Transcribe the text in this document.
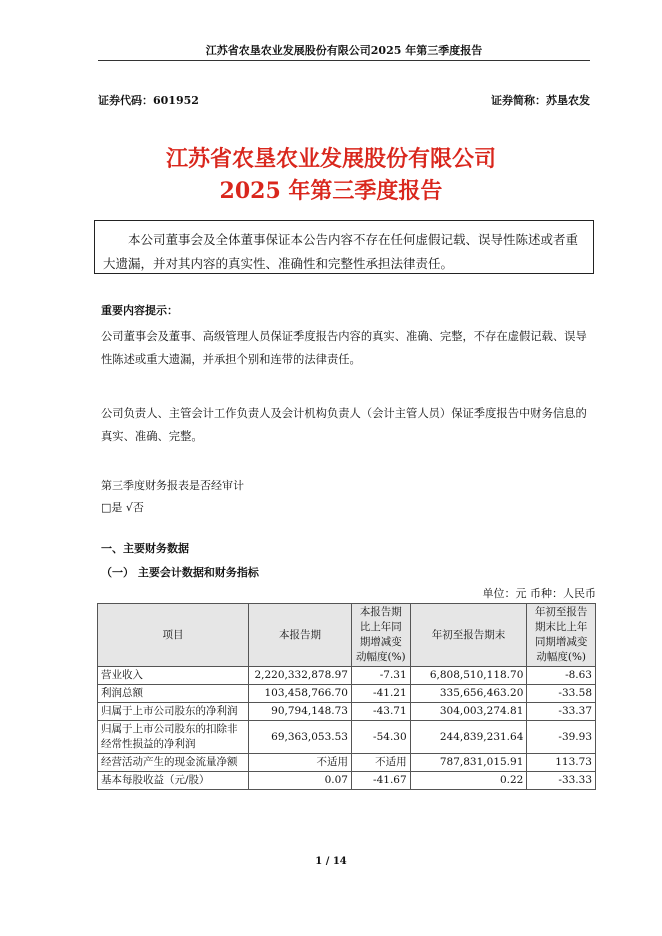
江苏省农垦农业发展股份有限公司2025 年第三季度报告
证券代码：601952	证券简称：苏垦农发
江苏省农垦农业发展股份有限公司
2025 年第三季度报告
本公司董事会及全体董事保证本公告内容不存在任何虚假记载、误导性陈述或者重大遗漏，并对其内容的真实性、准确性和完整性承担法律责任。
重要内容提示：
公司董事会及董事、高级管理人员保证季度报告内容的真实、准确、完整，不存在虚假记载、误导性陈述或重大遗漏，并承担个别和连带的法律责任。
公司负责人、主管会计工作负责人及会计机构负责人（会计主管人员）保证季度报告中财务信息的真实、准确、完整。
第三季度财务报表是否经审计
□是 √否
一、主要财务数据
（一） 主要会计数据和财务指标
单位：元 币种：人民币
项目	本报告期	本报告期比上年同期增减变动幅度(%)	年初至报告期末	年初至报告期末比上年同期增减变动幅度(%)
营业收入	2,220,332,878.97	-7.31	6,808,510,118.70	-8.63
利润总额	103,458,766.70	-41.21	335,656,463.20	-33.58
归属于上市公司股东的净利润	90,794,148.73	-43.71	304,003,274.81	-33.37
归属于上市公司股东的扣除非经常性损益的净利润	69,363,053.53	-54.30	244,839,231.64	-39.93
经营活动产生的现金流量净额	不适用	不适用	787,831,015.91	113.73
基本每股收益（元/股）	0.07	-41.67	0.22	-33.33
1 / 14
